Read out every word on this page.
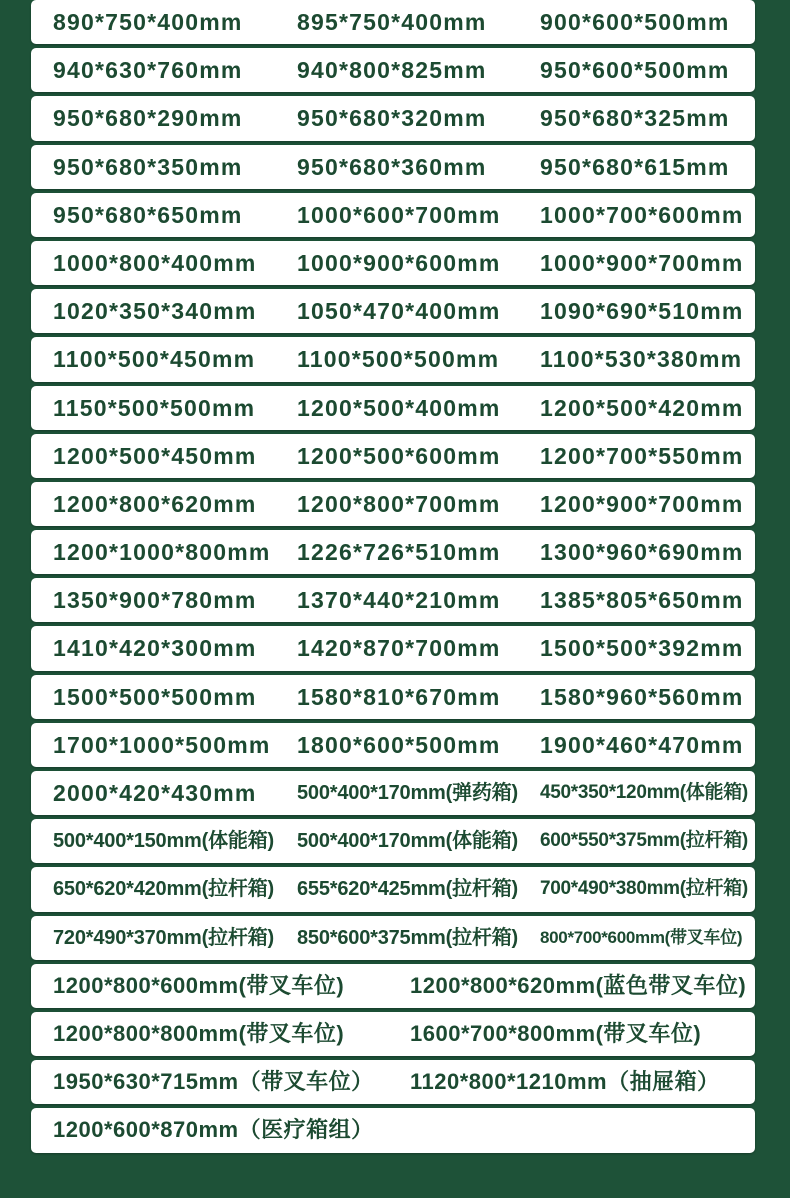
890*750*400mm	895*750*400mm	900*600*500mm
940*630*760mm	940*800*825mm	950*600*500mm
950*680*290mm	950*680*320mm	950*680*325mm
950*680*350mm	950*680*360mm	950*680*615mm
950*680*650mm	1000*600*700mm	1000*700*600mm
1000*800*400mm	1000*900*600mm	1000*900*700mm
1020*350*340mm	1050*470*400mm	1090*690*510mm
1100*500*450mm	1100*500*500mm	1100*530*380mm
1150*500*500mm	1200*500*400mm	1200*500*420mm
1200*500*450mm	1200*500*600mm	1200*700*550mm
1200*800*620mm	1200*800*700mm	1200*900*700mm
1200*1000*800mm	1226*726*510mm	1300*960*690mm
1350*900*780mm	1370*440*210mm	1385*805*650mm
1410*420*300mm	1420*870*700mm	1500*500*392mm
1500*500*500mm	1580*810*670mm	1580*960*560mm
1700*1000*500mm	1800*600*500mm	1900*460*470mm
2000*420*430mm	500*400*170mm(弹药箱)	450*350*120mm(体能箱)
500*400*150mm(体能箱)	500*400*170mm(体能箱)	600*550*375mm(拉杆箱)
650*620*420mm(拉杆箱)	655*620*425mm(拉杆箱)	700*490*380mm(拉杆箱)
720*490*370mm(拉杆箱)	850*600*375mm(拉杆箱)	800*700*600mm(带叉车位)
1200*800*600mm(带叉车位)	1200*800*620mm(蓝色带叉车位)
1200*800*800mm(带叉车位)	1600*700*800mm(带叉车位)
1950*630*715mm（带叉车位）	1120*800*1210mm（抽屉箱）
1200*600*870mm（医疗箱组）
